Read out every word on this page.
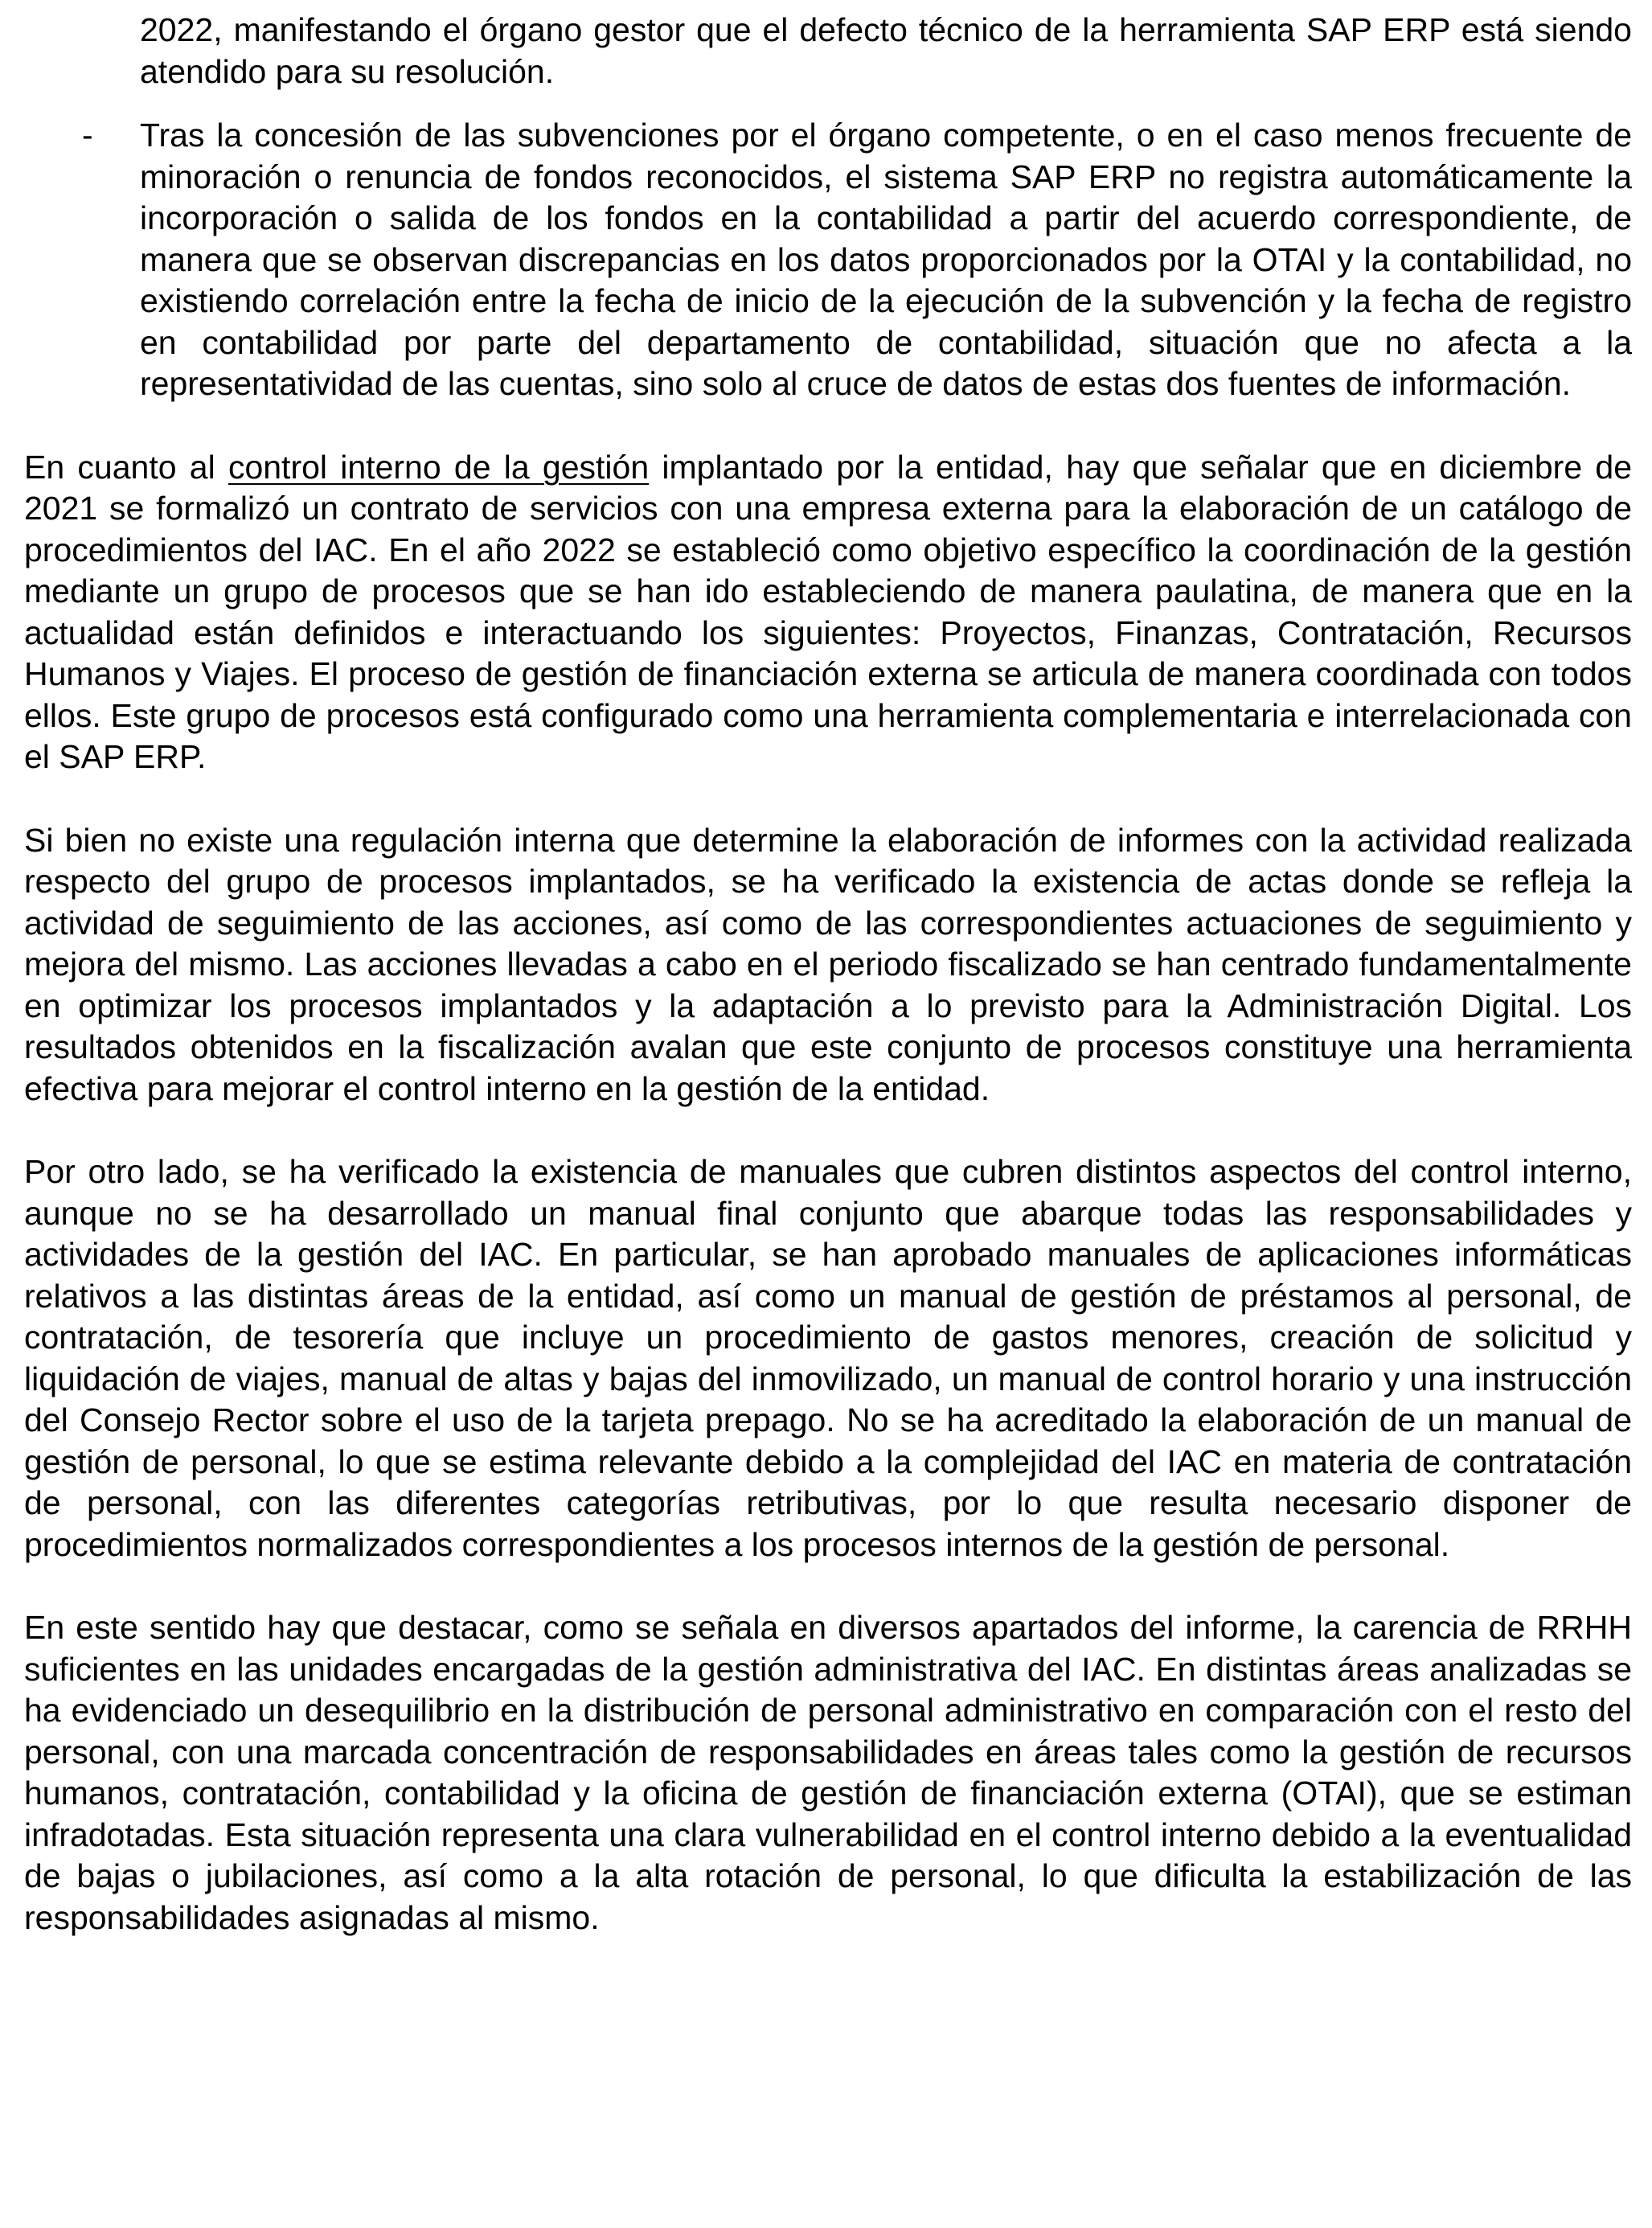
2022, manifestando el órgano gestor que el defecto técnico de la herramienta SAP ERP está siendo atendido para su resolución.

- Tras la concesión de las subvenciones por el órgano competente, o en el caso menos frecuente de minoración o renuncia de fondos reconocidos, el sistema SAP ERP no registra automáticamente la incorporación o salida de los fondos en la contabilidad a partir del acuerdo correspondiente, de manera que se observan discrepancias en los datos proporcionados por la OTAI y la contabilidad, no existiendo correlación entre la fecha de inicio de la ejecución de la subvención y la fecha de registro en contabilidad por parte del departamento de contabilidad, situación que no afecta a la representatividad de las cuentas, sino solo al cruce de datos de estas dos fuentes de información.

En cuanto al control interno de la gestión implantado por la entidad, hay que señalar que en diciembre de 2021 se formalizó un contrato de servicios con una empresa externa para la elaboración de un catálogo de procedimientos del IAC. En el año 2022 se estableció como objetivo específico la coordinación de la gestión mediante un grupo de procesos que se han ido estableciendo de manera paulatina, de manera que en la actualidad están definidos e interactuando los siguientes: Proyectos, Finanzas, Contratación, Recursos Humanos y Viajes. El proceso de gestión de financiación externa se articula de manera coordinada con todos ellos. Este grupo de procesos está configurado como una herramienta complementaria e interrelacionada con el SAP ERP.

Si bien no existe una regulación interna que determine la elaboración de informes con la actividad realizada respecto del grupo de procesos implantados, se ha verificado la existencia de actas donde se refleja la actividad de seguimiento de las acciones, así como de las correspondientes actuaciones de seguimiento y mejora del mismo. Las acciones llevadas a cabo en el periodo fiscalizado se han centrado fundamentalmente en optimizar los procesos implantados y la adaptación a lo previsto para la Administración Digital. Los resultados obtenidos en la fiscalización avalan que este conjunto de procesos constituye una herramienta efectiva para mejorar el control interno en la gestión de la entidad.

Por otro lado, se ha verificado la existencia de manuales que cubren distintos aspectos del control interno, aunque no se ha desarrollado un manual final conjunto que abarque todas las responsabilidades y actividades de la gestión del IAC. En particular, se han aprobado manuales de aplicaciones informáticas relativos a las distintas áreas de la entidad, así como un manual de gestión de préstamos al personal, de contratación, de tesorería que incluye un procedimiento de gastos menores, creación de solicitud y liquidación de viajes, manual de altas y bajas del inmovilizado, un manual de control horario y una instrucción del Consejo Rector sobre el uso de la tarjeta prepago. No se ha acreditado la elaboración de un manual de gestión de personal, lo que se estima relevante debido a la complejidad del IAC en materia de contratación de personal, con las diferentes categorías retributivas, por lo que resulta necesario disponer de procedimientos normalizados correspondientes a los procesos internos de la gestión de personal.

En este sentido hay que destacar, como se señala en diversos apartados del informe, la carencia de RRHH suficientes en las unidades encargadas de la gestión administrativa del IAC. En distintas áreas analizadas se ha evidenciado un desequilibrio en la distribución de personal administrativo en comparación con el resto del personal, con una marcada concentración de responsabilidades en áreas tales como la gestión de recursos humanos, contratación, contabilidad y la oficina de gestión de financiación externa (OTAI), que se estiman infradotadas. Esta situación representa una clara vulnerabilidad en el control interno debido a la eventualidad de bajas o jubilaciones, así como a la alta rotación de personal, lo que dificulta la estabilización de las responsabilidades asignadas al mismo.
